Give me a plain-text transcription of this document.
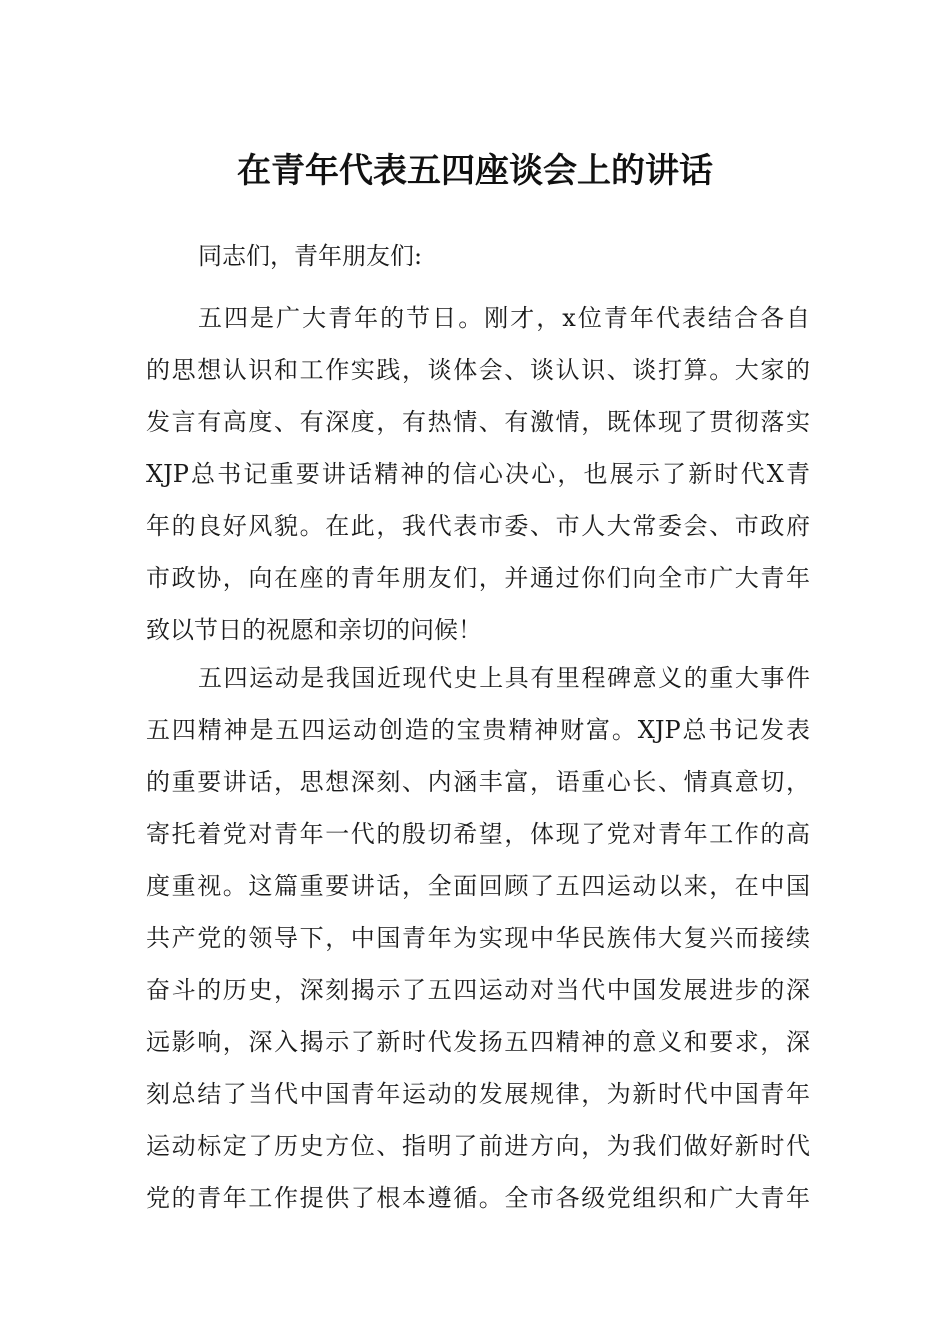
在青年代表五四座谈会上的讲话
同志们，青年朋友们:
五四是广大青年的节日。刚才，x位青年代表结合各自
的思想认识和工作实践，谈体会、谈认识、谈打算。大家的
发言有高度、有深度，有热情、有激情，既体现了贯彻落实
XJP总书记重要讲话精神的信心决心，也展示了新时代X青
年的良好风貌。在此，我代表市委、市人大常委会、市政府
市政协，向在座的青年朋友们，并通过你们向全市广大青年
致以节日的祝愿和亲切的问候！
五四运动是我国近现代史上具有里程碑意义的重大事件
五四精神是五四运动创造的宝贵精神财富。XJP总书记发表
的重要讲话，思想深刻、内涵丰富，语重心长、情真意切，
寄托着党对青年一代的殷切希望，体现了党对青年工作的高
度重视。这篇重要讲话，全面回顾了五四运动以来，在中国
共产党的领导下，中国青年为实现中华民族伟大复兴而接续
奋斗的历史，深刻揭示了五四运动对当代中国发展进步的深
远影响，深入揭示了新时代发扬五四精神的意义和要求，深
刻总结了当代中国青年运动的发展规律，为新时代中国青年
运动标定了历史方位、指明了前进方向，为我们做好新时代
党的青年工作提供了根本遵循。全市各级党组织和广大青年
